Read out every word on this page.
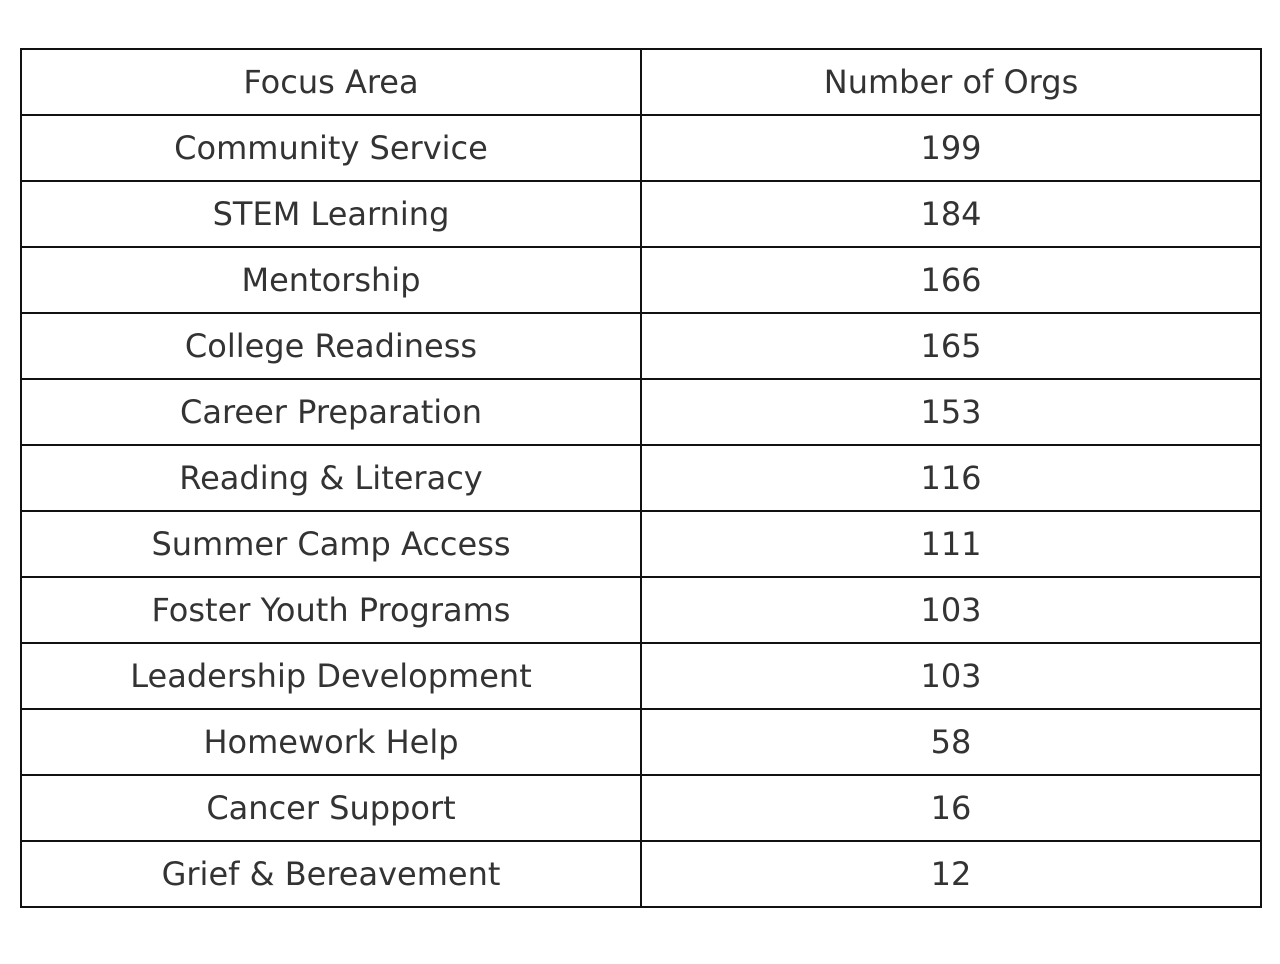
Focus Area	Number of Orgs
Community Service	199
STEM Learning	184
Mentorship	166
College Readiness	165
Career Preparation	153
Reading & Literacy	116
Summer Camp Access	111
Foster Youth Programs	103
Leadership Development	103
Homework Help	58
Cancer Support	16
Grief & Bereavement	12
